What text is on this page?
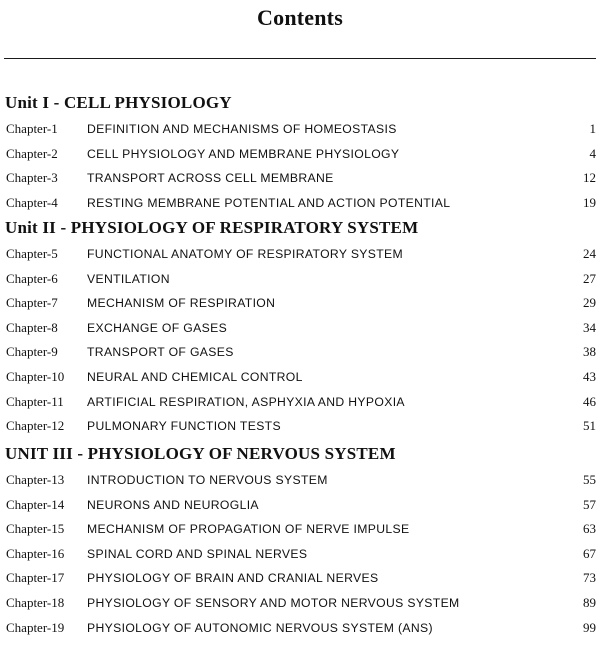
Contents
Unit I - CELL PHYSIOLOGY
Chapter-1 DEFINITION AND MECHANISMS OF HOMEOSTASIS	1
Chapter-2 CELL PHYSIOLOGY AND MEMBRANE PHYSIOLOGY	4
Chapter-3 TRANSPORT ACROSS CELL MEMBRANE	12
Chapter-4 RESTING MEMBRANE POTENTIAL AND ACTION POTENTIAL	19
Unit II - PHYSIOLOGY OF RESPIRATORY SYSTEM
Chapter-5 FUNCTIONAL ANATOMY OF RESPIRATORY SYSTEM	24
Chapter-6 VENTILATION	27
Chapter-7 MECHANISM OF RESPIRATION	29
Chapter-8 EXCHANGE OF GASES	34
Chapter-9 TRANSPORT OF GASES	38
Chapter-10 NEURAL AND CHEMICAL CONTROL	43
Chapter-11 ARTIFICIAL RESPIRATION, ASPHYXIA AND HYPOXIA	46
Chapter-12 PULMONARY FUNCTION TESTS	51
UNIT III - PHYSIOLOGY OF NERVOUS SYSTEM
Chapter-13 INTRODUCTION TO NERVOUS SYSTEM	55
Chapter-14 NEURONS AND NEUROGLIA	57
Chapter-15 MECHANISM OF PROPAGATION OF NERVE IMPULSE	63
Chapter-16 SPINAL CORD AND SPINAL NERVES	67
Chapter-17 PHYSIOLOGY OF BRAIN AND CRANIAL NERVES	73
Chapter-18 PHYSIOLOGY OF SENSORY AND MOTOR NERVOUS SYSTEM	89
Chapter-19 PHYSIOLOGY OF AUTONOMIC NERVOUS SYSTEM (ANS)	99
